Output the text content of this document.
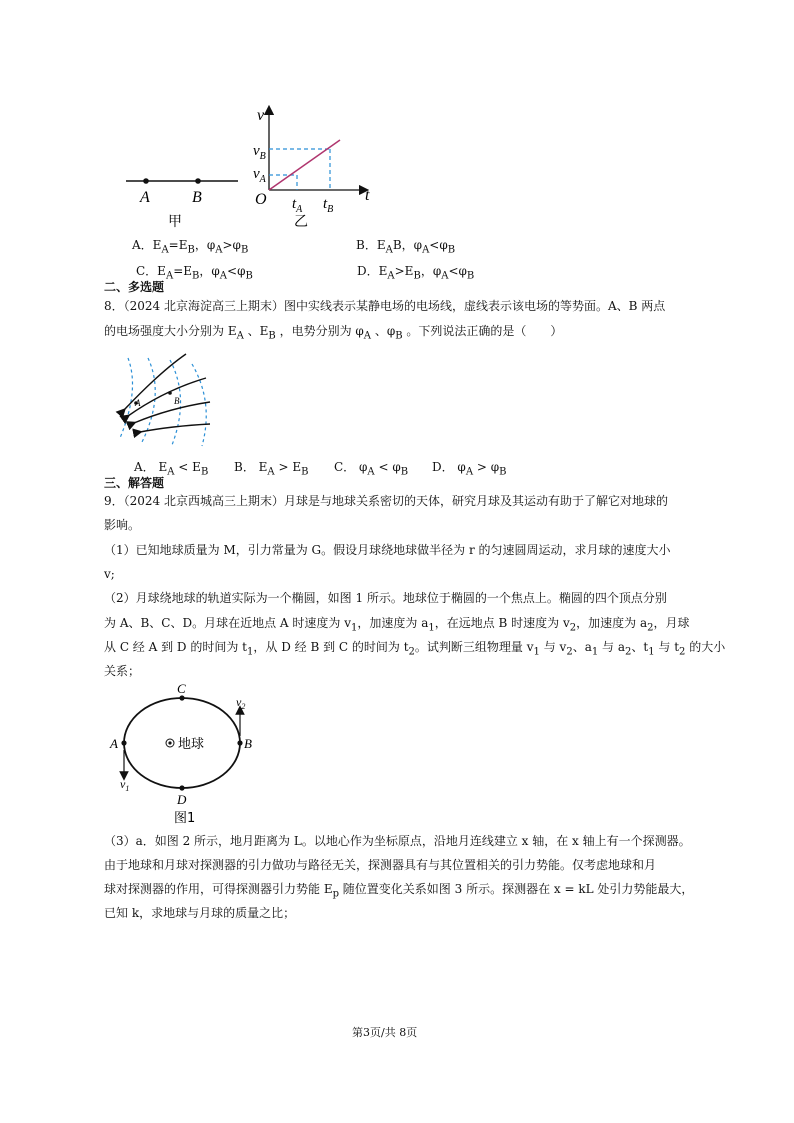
A	B
甲
v
$v_B$
$v_A$
O	t
$t_A$ $t_B$
乙
A．$E_A=E_B$，$\varphi_A>\varphi_B$	B．$E_AB$，$\varphi_A<\varphi_B$
C．$E_A=E_B$，$\varphi_A<\varphi_B$	D．$E_A>E_B$，$\varphi_A<\varphi_B$
二、多选题
8．（2024 北京海淀高三上期末）图中实线表示某静电场的电场线，虚线表示该电场的等势面。A、B 两点
的电场强度大小分别为 $E_A$ 、$E_B$ ，电势分别为 $\varphi_A$ 、$\varphi_B$ 。下列说法正确的是（　　）
A	B
A． $E_A < E_B$ B． $E_A > E_B$ C． $\varphi_A < \varphi_B$ D． $\varphi_A > \varphi_B$
三、解答题
9．（2024 北京西城高三上期末）月球是与地球关系密切的天体，研究月球及其运动有助于了解它对地球的
影响。
（1）已知地球质量为 M，引力常量为 G。假设月球绕地球做半径为 r 的匀速圆周运动，求月球的速度大小
v;
（2）月球绕地球的轨道实际为一个椭圆，如图 1 所示。地球位于椭圆的一个焦点上。椭圆的四个顶点分别
为 A、B、C、D。月球在近地点 A 时速度为 $v_1$，加速度为 $a_1$，在远地点 B 时速度为 $v_2$，加速度为 $a_2$，月球
从 C 经 A 到 D 的时间为 $t_1$，从 D 经 B 到 C 的时间为 $t_2$。试判断三组物理量 $v_1$ 与 $v_2$、$a_1$ 与 $a_2$、$t_1$ 与 $t_2$ 的大小
关系；
地球
C
A	B
D
$v_1$
$v_2$
图1
（3）a．如图 2 所示，地月距离为 L。以地心作为坐标原点，沿地月连线建立 x 轴，在 x 轴上有一个探测器。
由于地球和月球对探测器的引力做功与路径无关，探测器具有与其位置相关的引力势能。仅考虑地球和月
球对探测器的作用，可得探测器引力势能 $E_p$ 随位置变化关系如图 3 所示。探测器在 x = kL 处引力势能最大，
已知 k，求地球与月球的质量之比；
第3页/共 8页
